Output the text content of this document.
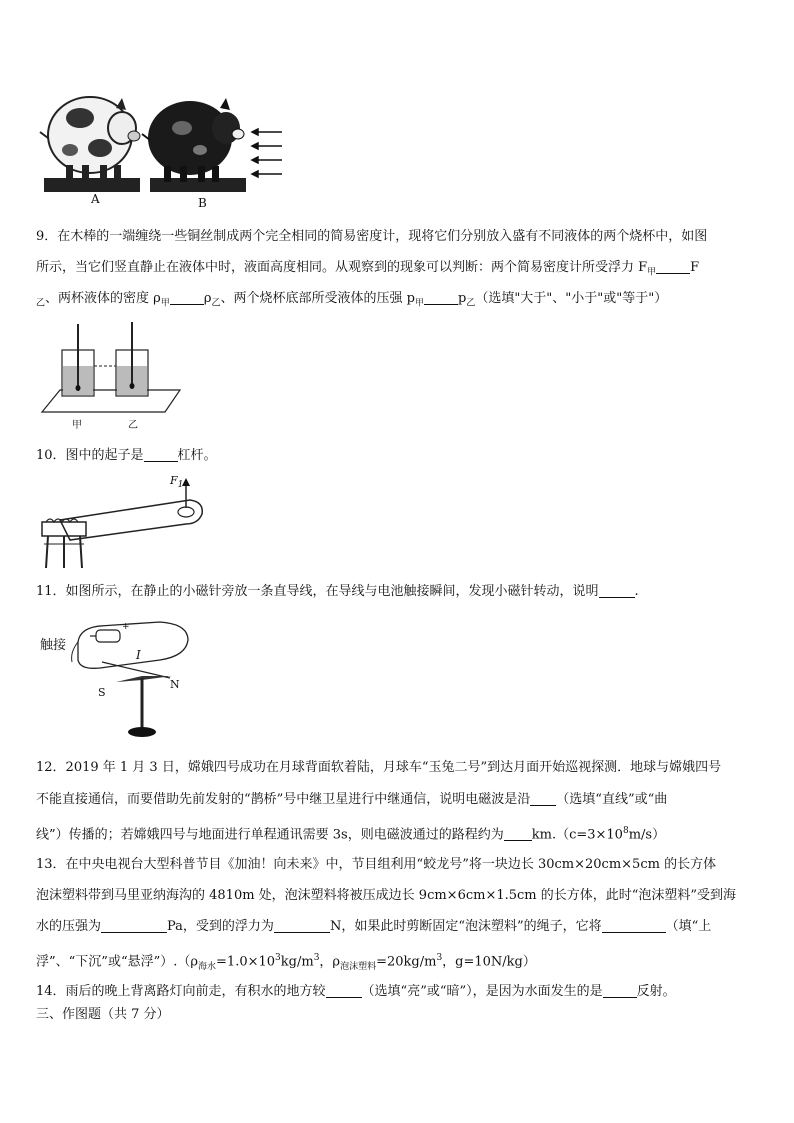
A	B
9．在木棒的一端缠绕一些铜丝制成两个完全相同的简易密度计，现将它们分别放入盛有不同液体的两个烧杯中，如图
所示，当它们竖直静止在液体中时，液面高度相同。从观察到的现象可以判断：两个简易密度计所受浮力 $F_甲$	F
$_乙$、两杯液体的密度 $\rho_甲$	$\rho_乙$、两个烧杯底部所受液体的压强 $p_甲$	$p_乙$（选填"大于"、"小于"或"等于"）
甲	乙
10．图中的起子是	杠杆。
$F_1$
11．如图所示，在静止的小磁针旁放一条直导线，在导线与电池触接瞬间，发现小磁针转动，说明	.
触接
− +
I
S
N
12．2019 年 1 月 3 日，嫦娥四号成功在月球背面软着陆，月球车“玉兔二号”到达月面开始巡视探测．地球与嫦娥四号
不能直接通信，而要借助先前发射的“鹊桥”号中继卫星进行中继通信，说明电磁波是沿 （选填“直线”或“曲
线”）传播的；若嫦娥四号与地面进行单程通讯需要 3s，则电磁波通过的路程约为 $km.(c=3\times 10^8m/s)$
13．在中央电视台大型科普节目《加油！向未来》中，节目组利用“蛟龙号”将一块边长 30cm×20cm×5cm 的长方体
泡沫塑料带到马里亚纳海沟的 4810m 处，泡沫塑料将被压成边长 9cm×6cm×1.5cm 的长方体，此时“泡沫塑料”受到海
水的压强为	Pa，受到的浮力为	N，如果此时剪断固定“泡沫塑料”的绳子，它将	（填“上
浮”、“下沉”或“悬浮$”).(\rho_{海水}=1.0\times 10^3kg/m^3$，$\rho_{泡沫塑料}=20kg/m^3$，g=10N/kg）
14．雨后的晚上背离路灯向前走，有积水的地方较	（选填“亮”或“暗”），是因为水面发生的是	反射。
三、作图题（共 7 分）
